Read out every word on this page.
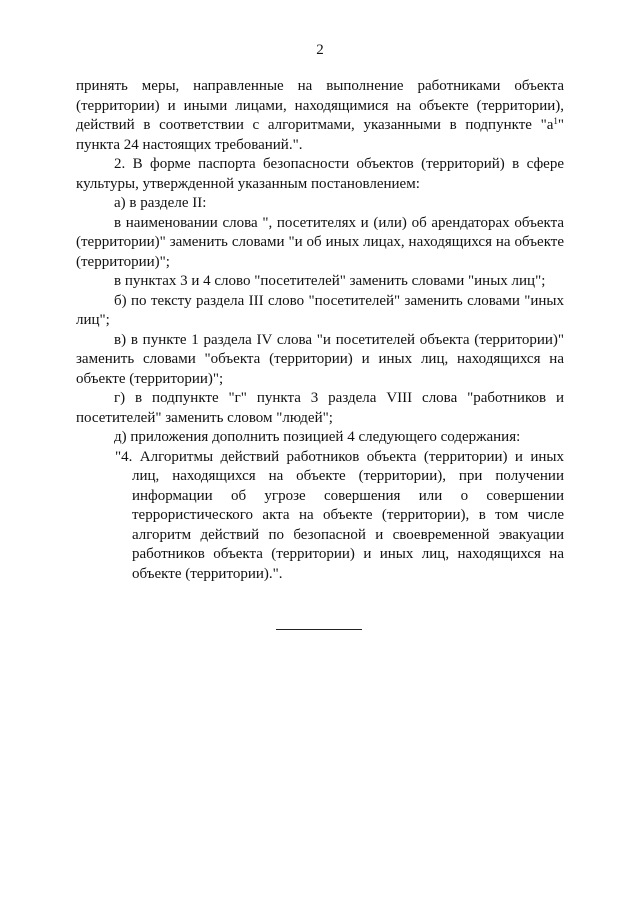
2

принять меры, направленные на выполнение работниками объекта (территории) и иными лицами, находящимися на объекте (территории), действий в соответствии с алгоритмами, указанными в подпункте "$а^1$" пункта 24 настоящих требований.".

2. В форме паспорта безопасности объектов (территорий) в сфере культуры, утвержденной указанным постановлением:

а) в разделе II:

в наименовании слова ", посетителях и (или) об арендаторах объекта (территории)" заменить словами "и об иных лицах, находящихся на объекте (территории)";

в пунктах 3 и 4 слово "посетителей" заменить словами "иных лиц";

б) по тексту раздела III слово "посетителей" заменить словами "иных лиц";

в) в пункте 1 раздела IV слова "и посетителей объекта (территории)" заменить словами "объекта (территории) и иных лиц, находящихся на объекте (территории)";

г) в подпункте "г" пункта 3 раздела VIII слова "работников и посетителей" заменить словом "людей";

д) приложения дополнить позицией 4 следующего содержания:

"4. Алгоритмы действий работников объекта (территории) и иных лиц, находящихся на объекте (территории), при получении информации об угрозе совершения или о совершении террористического акта на объекте (территории), в том числе алгоритм действий по безопасной и своевременной эвакуации работников объекта (территории) и иных лиц, находящихся на объекте (территории).".
